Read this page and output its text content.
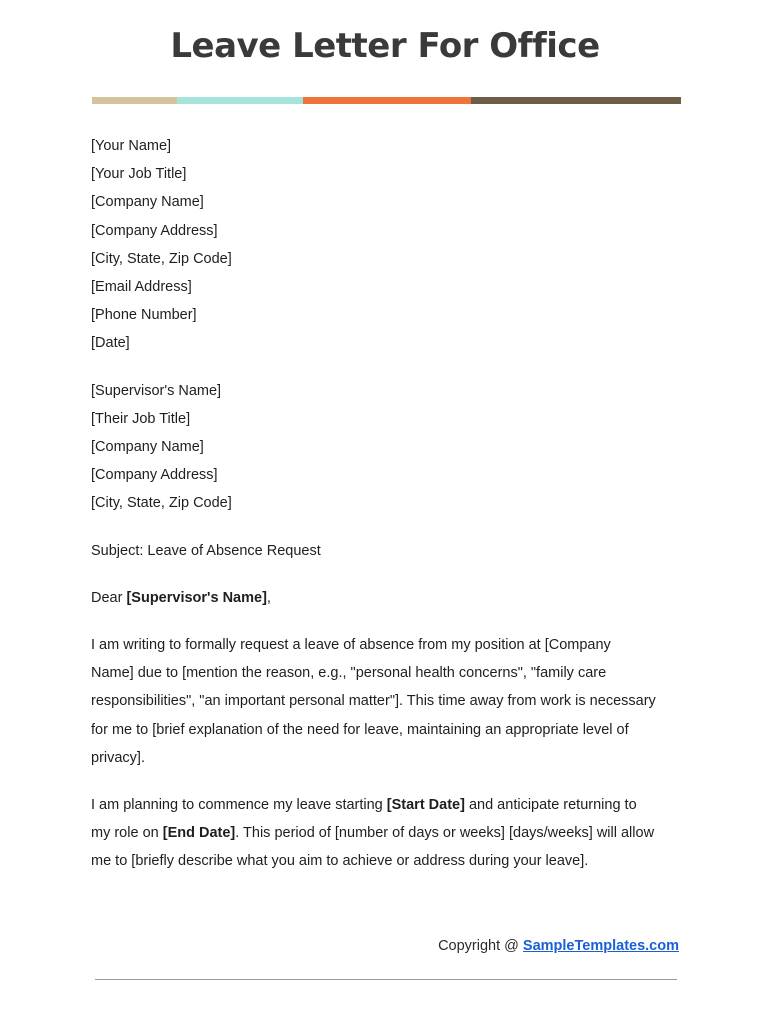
Leave Letter For Office
[Your Name]
[Your Job Title]
[Company Name]
[Company Address]
[City, State, Zip Code]
[Email Address]
[Phone Number]
[Date]
[Supervisor's Name]
[Their Job Title]
[Company Name]
[Company Address]
[City, State, Zip Code]
Subject: Leave of Absence Request
Dear [Supervisor's Name],
I am writing to formally request a leave of absence from my position at [Company
Name] due to [mention the reason, e.g., "personal health concerns", "family care
responsibilities", "an important personal matter"]. This time away from work is necessary
for me to [brief explanation of the need for leave, maintaining an appropriate level of
privacy].
I am planning to commence my leave starting [Start Date] and anticipate returning to
my role on [End Date]. This period of [number of days or weeks] [days/weeks] will allow
me to [briefly describe what you aim to achieve or address during your leave].
Copyright @ SampleTemplates.com
